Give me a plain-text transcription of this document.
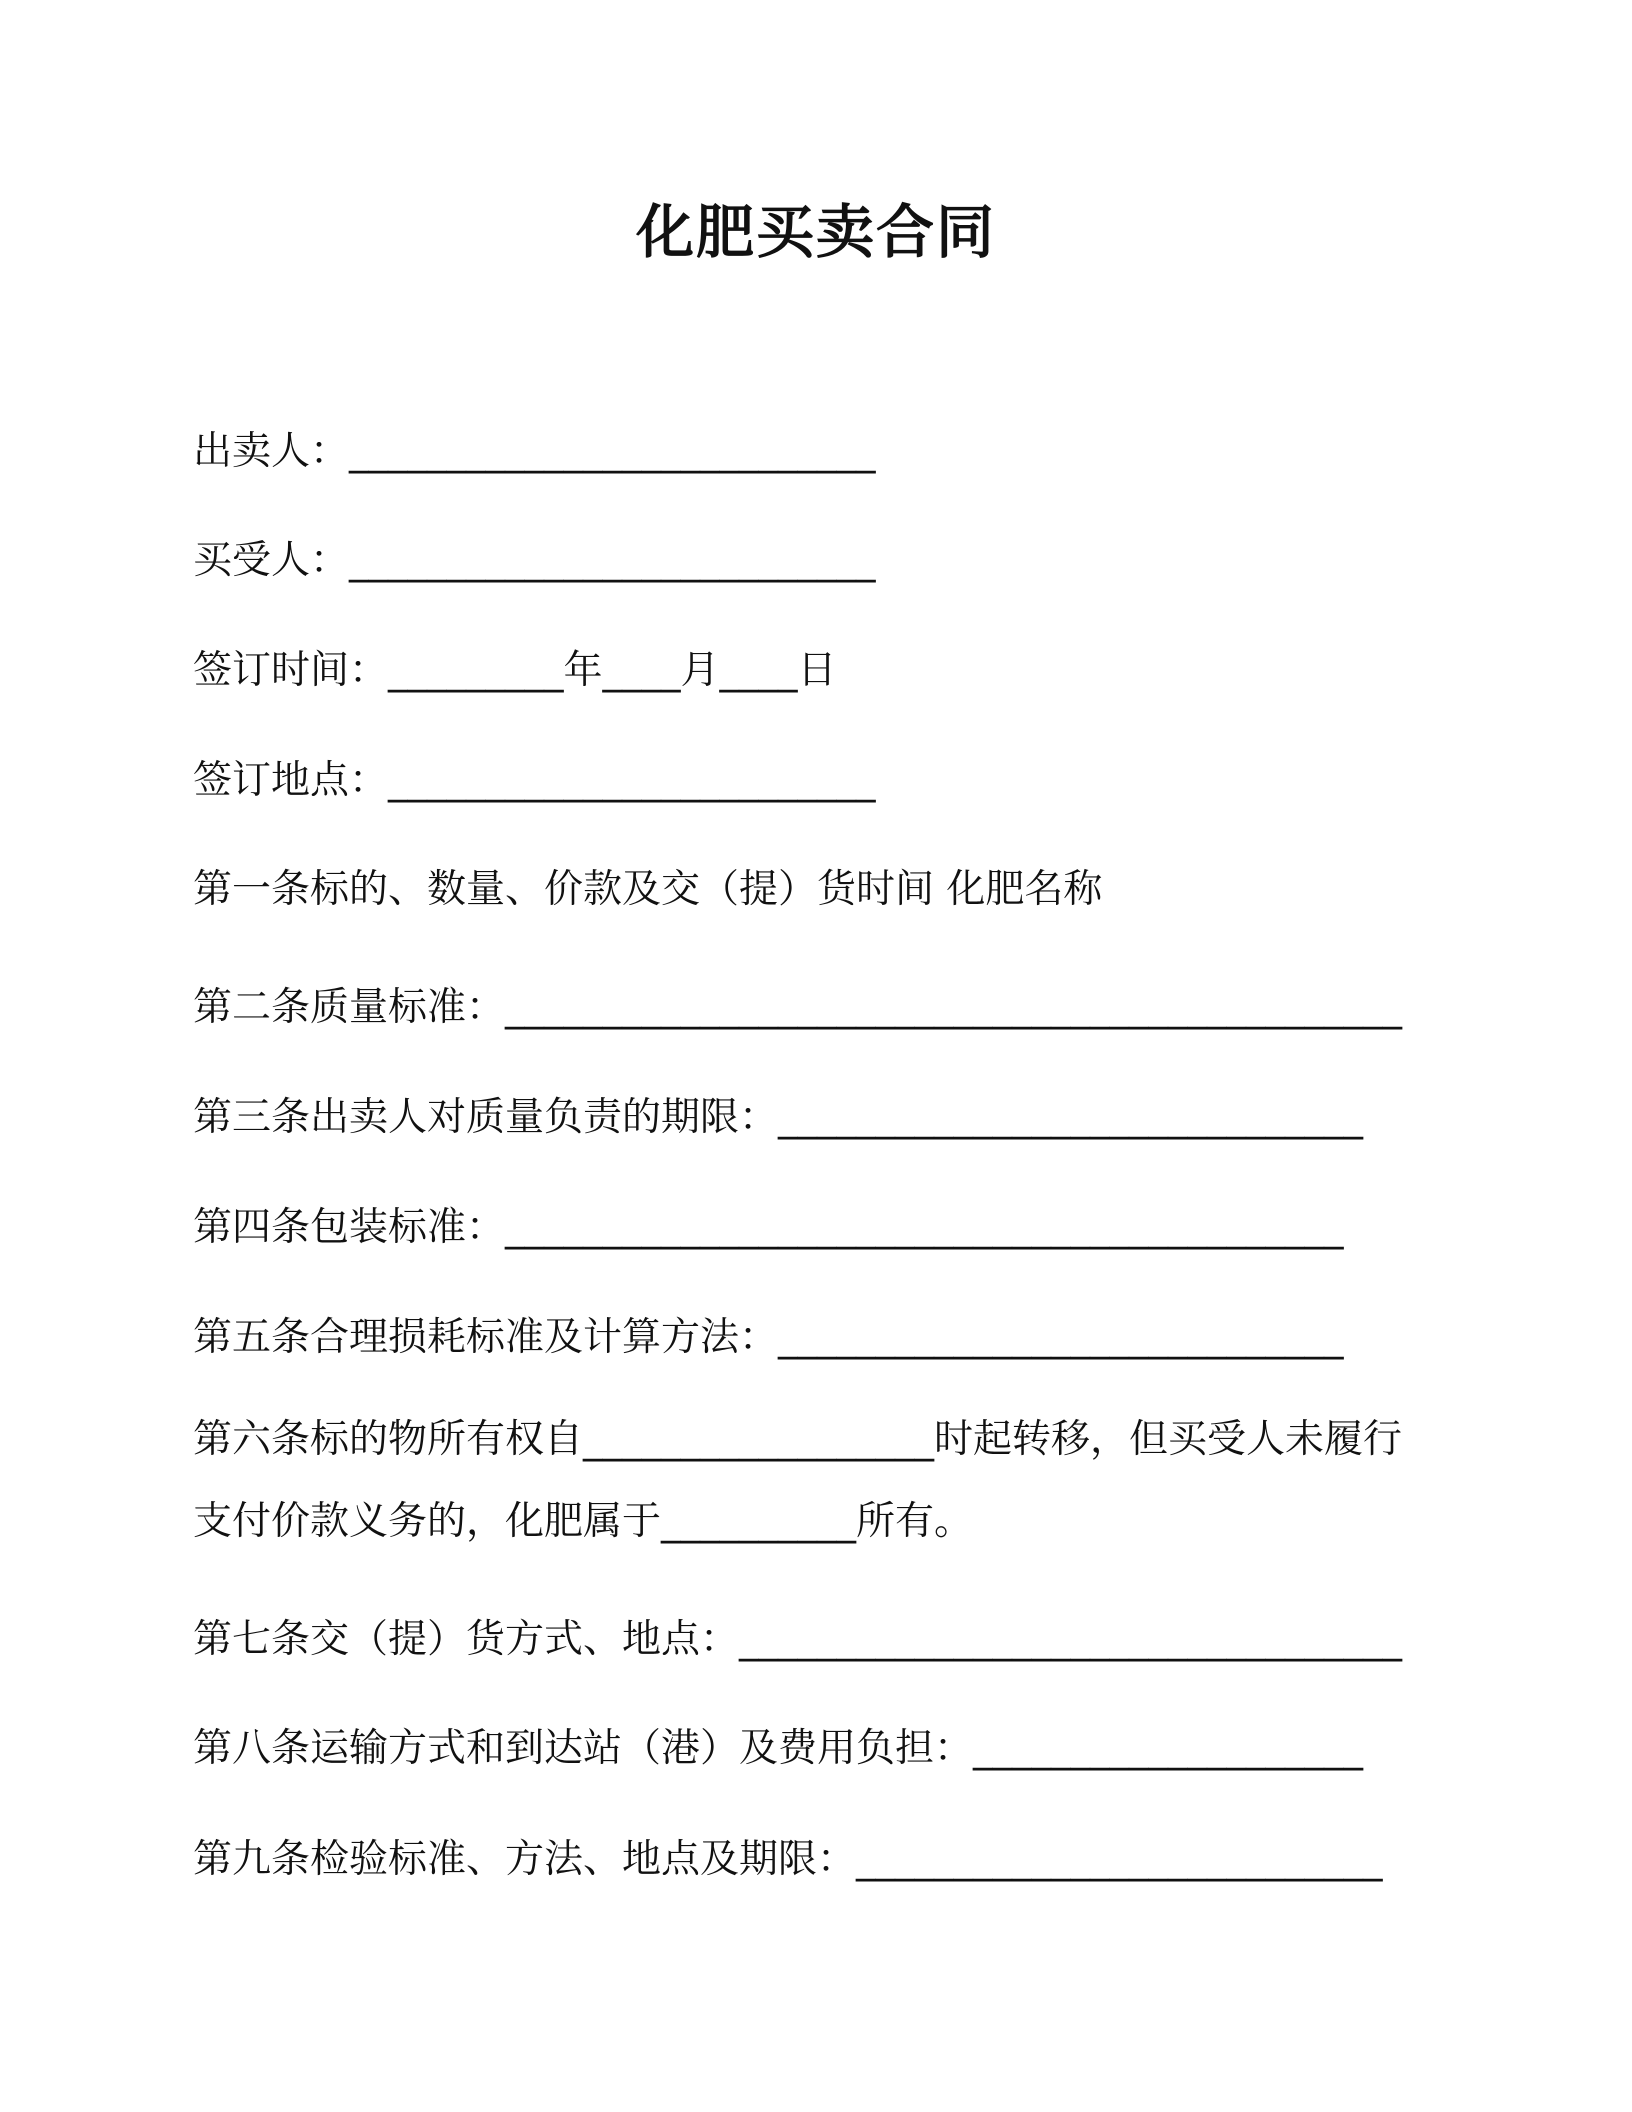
化肥买卖合同
出卖人：___________________________
买受人：___________________________
签订时间：_________年____月____日
签订地点：_________________________
第一条标的、数量、价款及交（提）货时间 化肥名称
第二条质量标准：______________________________________________
第三条出卖人对质量负责的期限：______________________________
第四条包装标准：___________________________________________
第五条合理损耗标准及计算方法：_____________________________
第六条标的物所有权自__________________时起转移，但买受人未履行
支付价款义务的，化肥属于__________所有。
第七条交（提）货方式、地点：__________________________________
第八条运输方式和到达站（港）及费用负担：____________________
第九条检验标准、方法、地点及期限：___________________________
